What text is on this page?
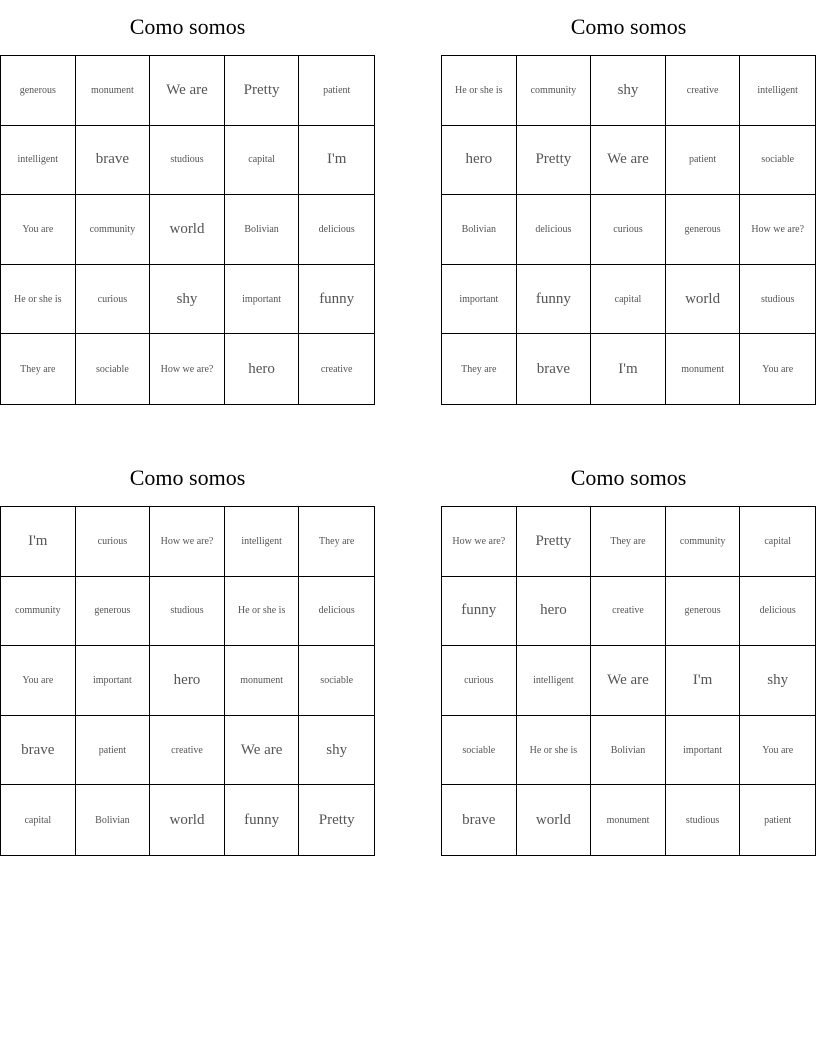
Como somos
generous	monument	We are	Pretty	patient
intelligent	brave	studious	capital	I'm
You are	community	world	Bolivian	delicious
He or she is	curious	shy	important	funny
They are	sociable	How we are?	hero	creative
Como somos
He or she is	community	shy	creative	intelligent
hero	Pretty	We are	patient	sociable
Bolivian	delicious	curious	generous	How we are?
important	funny	capital	world	studious
They are	brave	I'm	monument	You are
Como somos
I'm	curious	How we are?	intelligent	They are
community	generous	studious	He or she is	delicious
You are	important	hero	monument	sociable
brave	patient	creative	We are	shy
capital	Bolivian	world	funny	Pretty
Como somos
How we are?	Pretty	They are	community	capital
funny	hero	creative	generous	delicious
curious	intelligent	We are	I'm	shy
sociable	He or she is	Bolivian	important	You are
brave	world	monument	studious	patient
